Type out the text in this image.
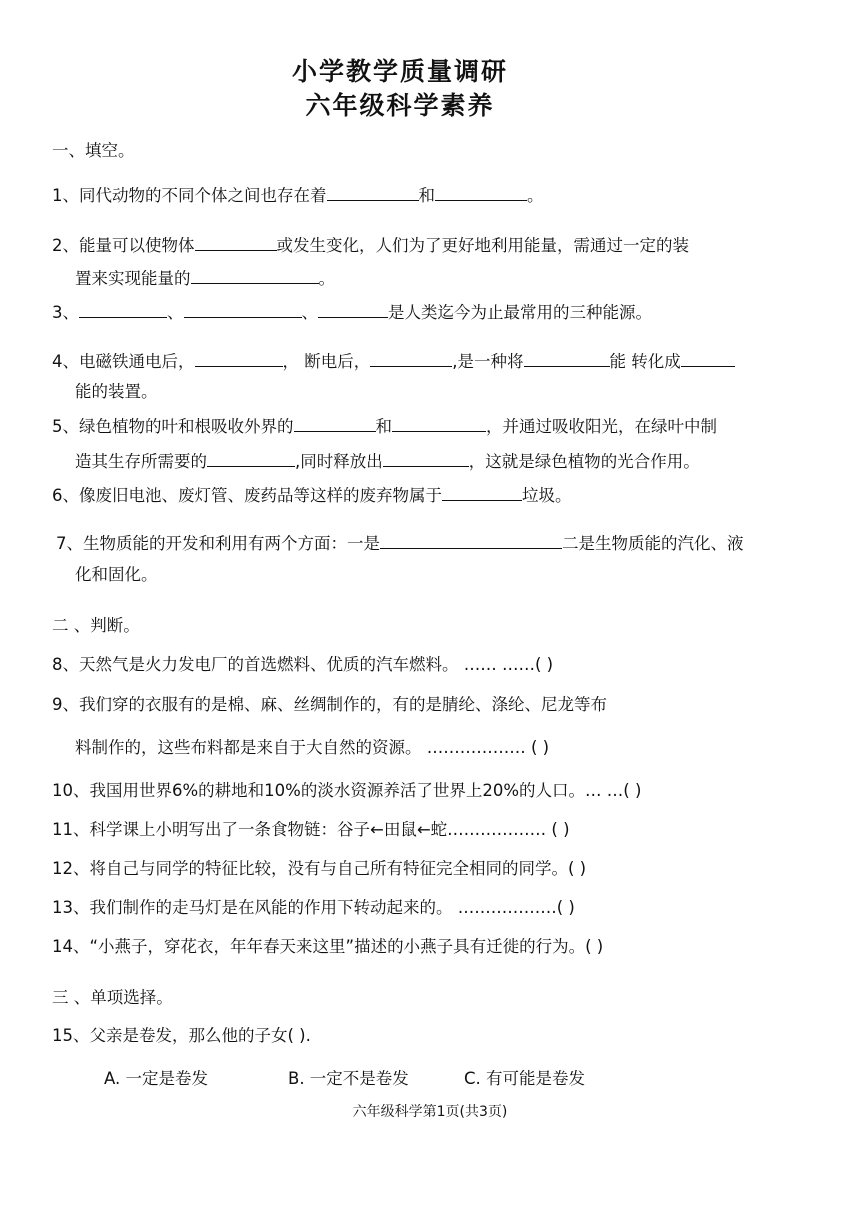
小学教学质量调研
六年级科学素养
一、填空。
1、同代动物的不同个体之间也存在着	和	。
2、能量可以使物体	或发生变化，人们为了更好地利用能量，需通过一定的装
置来实现能量的	。
3、	、	、	是人类迄今为止最常用的三种能源。
4、电磁铁通电后，	， 断电后，	,是一种将	能 转化成
能的装置。
5、绿色植物的叶和根吸收外界的	和	，并通过吸收阳光，在绿叶中制
造其生存所需要的	,同时释放出	，这就是绿色植物的光合作用。
6、像废旧电池、废灯管、废药品等这样的废弃物属于	垃圾。
7、生物质能的开发和利用有两个方面：一是	二是生物质能的汽化、液
化和固化。
二 、判断。
8、天然气是火力发电厂的首选燃料、优质的汽车燃料。 …… ……( )
9、我们穿的衣服有的是棉、麻、丝绸制作的，有的是腈纶、涤纶、尼龙等布
料制作的，这些布料都是来自于大自然的资源。 ……………… ( )
10、我国用世界6%的耕地和10%的淡水资源养活了世界上20%的人口。… …( )
11、科学课上小明写出了一条食物链：谷子←田鼠←蛇……………… ( )
12、将自己与同学的特征比较，没有与自己所有特征完全相同的同学。( )
13、我们制作的走马灯是在风能的作用下转动起来的。 ………………( )
14、“小燕子，穿花衣，年年春天来这里”描述的小燕子具有迁徙的行为。( )
三 、单项选择。
15、父亲是卷发，那么他的子女( ).
A. 一定是卷发	B. 一定不是卷发	C. 有可能是卷发
六年级科学第1页(共3页)
